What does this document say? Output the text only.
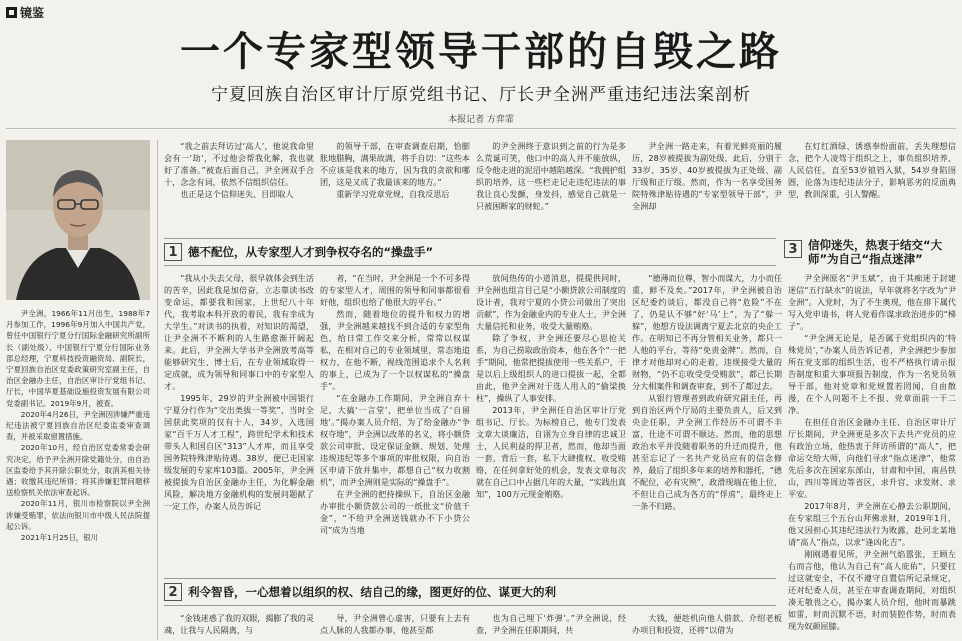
镜鉴
一个专家型领导干部的自毁之路
宁夏回族自治区审计厅原党组书记、厅长尹全洲严重违纪违法案剖析
本报记者 方弈霏

尹全洲，1966年11月出生，1988年7月参加工作，1996年9月加入中国共产党，曾任中国银行宁夏分行国际金融研究所副所长（副处级）、中国银行宁夏分行国际业务部总经理，宁夏科技投资融资局、副院长，宁夏回族自治区党委政策研究室副主任，自治区金融办主任，自治区审计厅党组书记、厅长，中国华夏基础设施投资发展有限公司党委副书记。2019年9月，被查。

2020年4月26日，尹全洲因涉嫌严重违纪违法被宁夏回族自治区纪委监委审查调查，并被采取留置措施。

2020年10月，经自治区党委常委会研究决定，给予尹全洲开除党籍处分，由自治区监委给予其开除公职处分，取消其相关待遇；收缴其违纪所得；将其涉嫌犯罪问题移送检察机关依法审查起诉。

2020年11月，银川市检察院以尹全洲涉嫌受贿罪，依法向银川市中级人民法院提起公诉。

2021年1月25日，银川

“我之前去拜访过‘高人’，他说我命里会有一‘劫’，不过他会帮我化解，我也就好了准备。”被查后面自己，尹全洲双手合十，念念有词，依然不信组织信任。

也正是这个信仰迷失、目即取人

的领导干部，在审查调查启期，恰膨胀地腊胸，满果故满，将手自切：“这些本不应该是我来的地方，因为我的贪欲和哪团，这是又成了我最该来的地方。”

重新学习党章党规，自我反思后

的尹全洲终于意识到之前的行为是多么荒诞可笑，他口中的高人并不能放纵，反令他走进的泥沼中越陷越深。“我拥护组织的培养，这一些栏走记走违纪违法的事我让良心发颤，身发抖，感觉自己就是一只被困断家的财蛇。”

尹全洲一路走来，有着光鲜亮丽的履历，28岁被提拔为副处级，此后，分别于33岁、35岁、40岁被提拔为正处级、副厅级和正厅级。然而，作为一名享受国务院特殊津贴待遇的“专家型领导干部”，尹全洲却

在灯红酒绿、诱惑奉纷面前，丢失理想信念，把个人凌驾于组织之上，事负组织培养、人民信任，直至53岁锒铛入狱，54岁身陷囹圄，沦落为违纪违法分子，影响恶劣的反面典型，教训深重，引人警醒。

1 德不配位，从专家型人才到争权夺名的“操盘手”	3 信仰迷失，热衷于结交“大师”为自己“指点迷津”

“我从小失去父母，很早就体会到生活的苦辛，因此我是加倍奋，立志靠读书改变命运，都要我和国家，上世纪八十年代，我考取本科开放的着民，我有幸成为大学生。”对读书的执着，对知识的渴望，让尹全洲不不断利的人生路愈渐开阔起来。此后，尹全洲大学书尹全洲放考高等能够研究生、博士后，在专业领域取得一定成就，成为领导和同事口中的专家型人才。

1995年，29岁的尹全洲被中国银行宁夏分行作为“交出类拔一等奖”，当时全国获此奖项的仅有十人，34岁，入选国家“百千万人才工程”，跨世纪学术和技术带头人和国自区“313”人才库，而且享受国务院特殊津贴待遇。38岁，便已走国家级发展的专家库103篇。2005年，尹全洲被提拔为自治区金融办主任，为化解金融风险，解决地方金融机构的发展问题献了一定工作，办案人员告诉记

者，“在当时，尹全洲是一个不可多得的专家型人才，周围的领导和同事都很看好他，组织也给了他很大的平台。”

然而，随着地位的提升和权力的增强，尹全洲越来越找不到合适的专家型角色，给日常工作交来分析，常常以权谋私，在相对自己的专业领域里，常态地追权力，在他不断，视线范围追求个人名利的事上，已成为了一个以权谋私的“操盘手”。

“在金融办工作期间，尹全洲自弃十足，大搞‘一言堂’，把单位当成了‘自留地’。”揭办案人员介绍，为了给金融办“争权夺地”，尹全洲以改革的名义，将小额贷款公司审批、设定保证金额、规划、处理违规违纪等多个事项的审批权限，向自治区申请下放并集中，都想自己“权力收割机”，而尹全洲则是实际的“操盘手”。

在尹全洲的把持操纵下，自治区金融办审批小额贷款公司的一纸批文“价值千金”，“不给尹全洲送钱就办不下小贷公司”成为当地

放间热传的小道消息，提提供同时，尹全洲也组言目己是“小额贷款公司制度的设计者，我对宁夏的小贷公司做出了突出贡献”，作为金融业内的专业人士，尹全洲大量信托和业务，收受大量贿赂。

除了争权，尹全洲还要尽心思抢关系，为自己捞取政治资本，他在各个“一把手”期间，他常把提拔使用一些关系户，于是以后上级组织人的进口提拔一起，全都由此，他尹全洲对于选人用人的“偷梁换柱”，操纵了人事安排。

2013年，尹全洲任自治区审计厅党组书记、厅长。为标榜自己，他专门发表文章大谈廉洁，自诩为立身自律的忠诚卫士，人民利益的捍卫者，然而，他却当面一套，背后一套，私下大肆揽权、收受贿赂，在任何拿好处的机会，发表文章每次就在自己口中占据几年的大量，“实践出真知”，100万元现金贿赂。

“德薄而位尊，智小而谋大，力小而任重，鲜不及矣。”2017年，尹全洲被自治区纪委约谈后，都没自己将“危险”不在了，仍是认不够“好‘马’上”，为了“躲一躲”，他想方设法调离宁夏去北京的央企工作。在明知已不再分管相关业务，都只一人他的平台，等待“免责金牌”。然而，自律才对他却对心的走着，违规接受大量的财物，“仍不忘收受受受贿款”，都已长期分大相案件和调查审查，到不了都过去。

从银行管理者到政府研究副主任，再到自治区两个厅局的主要负责人，后又到央企任职，尹全洲工作经历不可谓不丰富，仕途不可谓不顺达。然而，他的思想政治水平并没随着职务的升迁而提升，他甚至忘记了一名共产党员应有的信念修养，最后了组织多年来的培养和器托，“德不配位，必有灾殃”，政滑现端在他上位，不但让自己成为各方的“俘虏”，最终走上一条不归路。

尹全洲原名“尹玉斌”，由于其痴迷于封建迷信“五行缺水”的说法，早年就将名字改为“尹全洲”。入党时，为了不生奥现，他在排下属代写入党申请书，将人党看作谋求政治进步的“梯子”。

“尹全洲无论是，是否属于党组织内的‘特殊党员’，”办案人员告诉记者，尹全洲把少参加所在党支部的组织生活，也不严格执行请示报告制度和重大事项报告制度，作为一名党员领导干部，他对党章和党规置若罔闻，自由散漫，在个人问题不上不报、党章面前一干二净。

在担任自治区金融办主任、自治区审计厅厅长期间，尹全洲更是多次下去共产党员的应有政治立场，他热衷于拜访所谓的“高人”，把命运交给大师，向他们寻求“指点迷津”，他常先后多次在国家东部山，甘肃和中国，南昌铁山，四川等周边等省区，求升官、求发财、求平安。

2017年8月，尹全洲在心静去公职期间，在专家组三个五台山拜佛求财，2019年1月，他又因担心其违纪违法行为败露，赴河北某地请“高人”指点，以求“逢凶化吉”。

刚刚遇着见所，尹全洲气焰嚣张，王顾左右而言他，他认为自己有“高人庇佑”，只要扛过这就安全，不仅不遵守自置信所记录规定，还对纪委人员，甚至在审查调查期间，对组织凑无敬畏之心，揭办案人员介绍，他时而暴跳如雷，时而沉默不语，时而装腔作势，时而表现为奴颜屈膝。

2 利令智昏，一心想着以组织的权、结自己的缘，图更好的位、谋更大的利

“金钱迷惑了我的双眼，揭膨了我的灵魂，让我与人民隔离，与

导，尹全洲曾心虚害，只要有上去有点人脉的人我都办事，他甚至都

也为自己埋下‘炸弹’。”尹全洲说，经查，尹全洲在任职期间，共

大钱，便趁机向他人借款、介绍老板办项目和投资，还将“以借为
